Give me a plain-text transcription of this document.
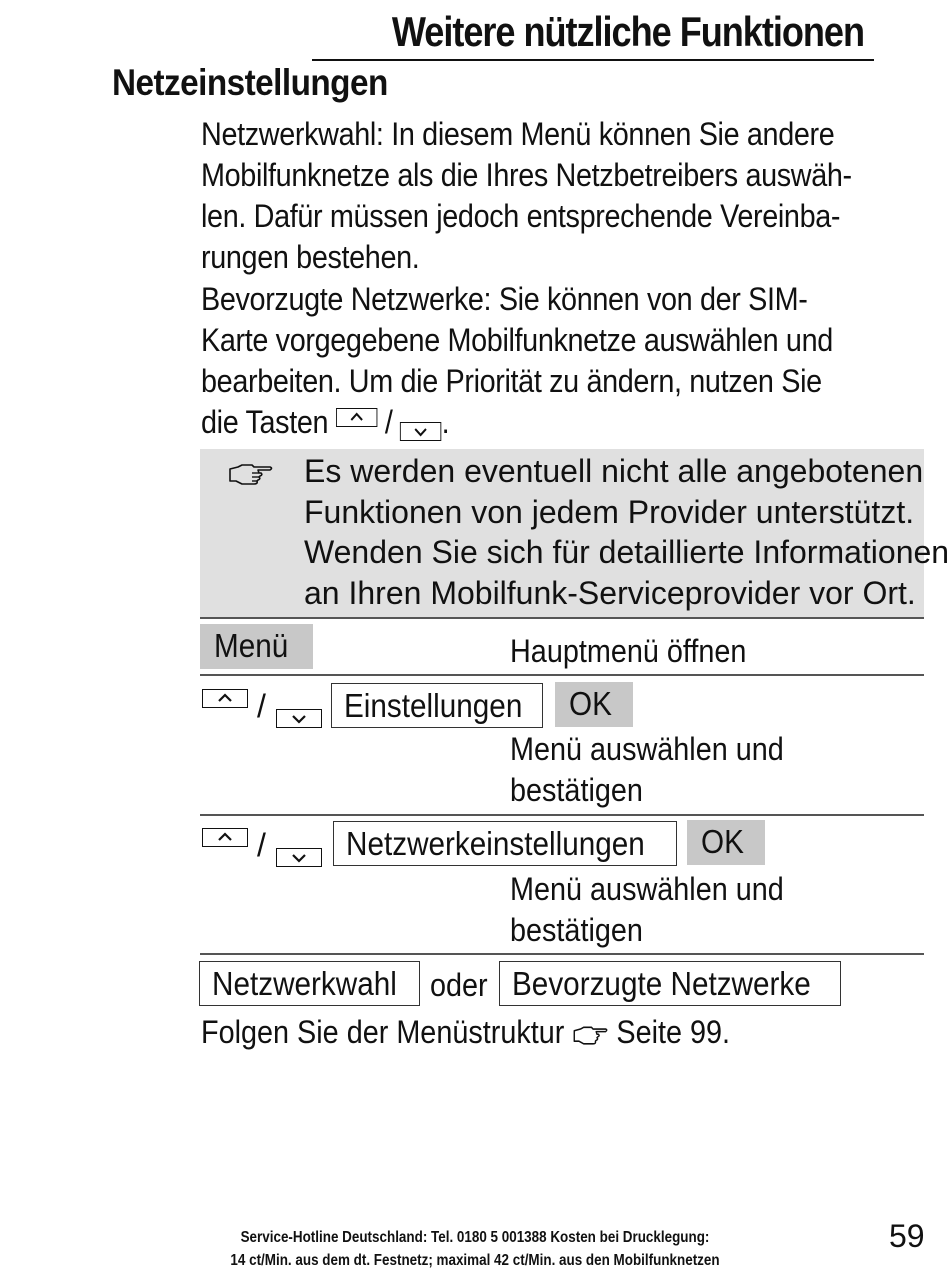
Weitere nützliche Funktionen
Netzeinstellungen
Netzwerkwahl: In diesem Menü können Sie andere
Mobilfunknetze als die Ihres Netzbetreibers auswäh-
len. Dafür müssen jedoch entsprechende Vereinba-
rungen bestehen.
Bevorzugte Netzwerke: Sie können von der SIM-
Karte vorgegebene Mobilfunknetze auswählen und
bearbeiten. Um die Priorität zu ändern, nutzen Sie
die Tasten / .
Es werden eventuell nicht alle angebotenen
Funktionen von jedem Provider unterstützt.
Wenden Sie sich für detaillierte Informationen
an Ihren Mobilfunk-Serviceprovider vor Ort.
Menü	Hauptmenü öffnen
/	Einstellungen	OK
Menü auswählen und
bestätigen
/	Netzwerkeinstellungen	OK
Menü auswählen und
bestätigen
Netzwerkwahl	oder Bevorzugte Netzwerke
Folgen Sie der Menüstruktur Seite 99.
Service-Hotline Deutschland: Tel. 0180 5 001388 Kosten bei Drucklegung:
14 ct/Min. aus dem dt. Festnetz; maximal 42 ct/Min. aus den Mobilfunknetzen
59
